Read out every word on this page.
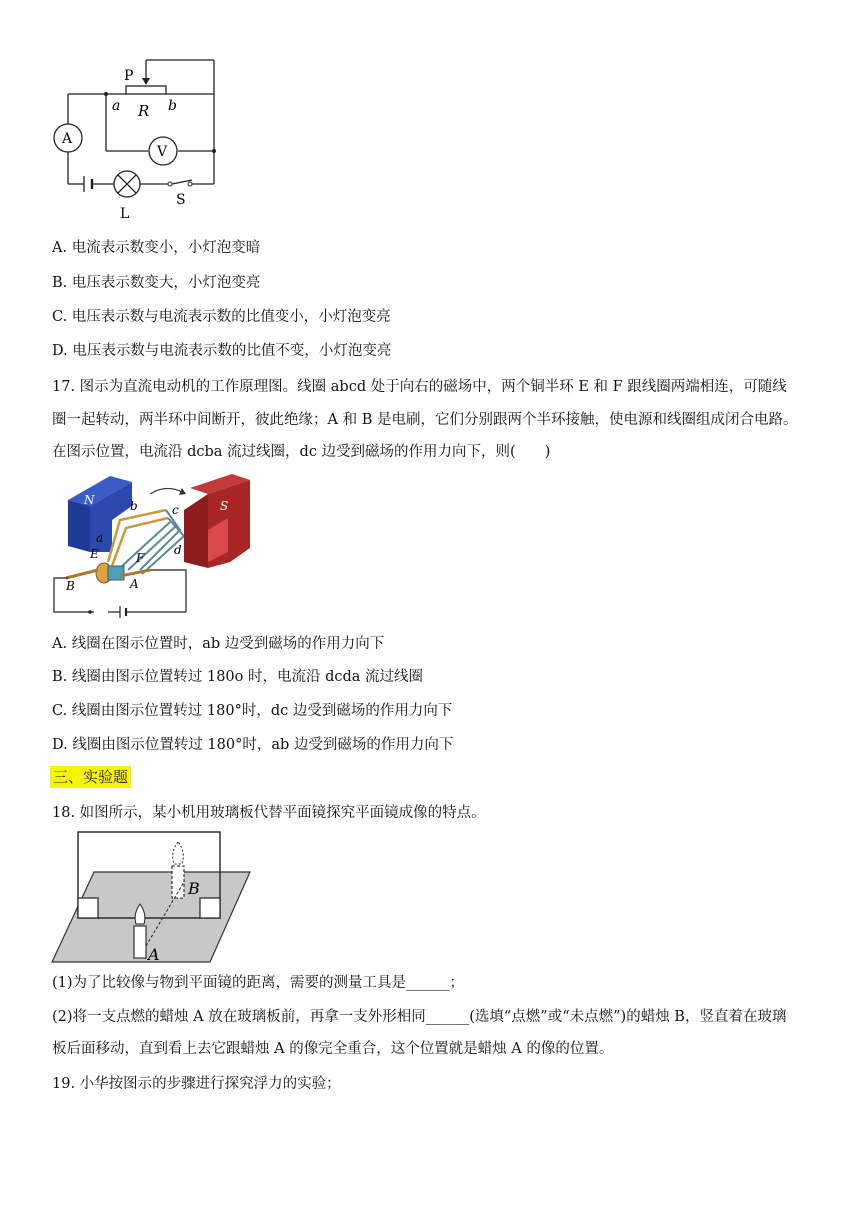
P
a R b
A
V
L
S
A. 电流表示数变小，小灯泡变暗
B. 电压表示数变大，小灯泡变亮
C. 电压表示数与电流表示数的比值变小，小灯泡变亮
D. 电压表示数与电流表示数的比值不变，小灯泡变亮
17. 图示为直流电动机的工作原理图。线圈 abcd 处于向右的磁场中，两个铜半环 E 和 F 跟线圈两端相连，可随线
圈一起转动，两半环中间断开，彼此绝缘；A 和 B 是电刷，它们分别跟两个半环接触，使电源和线圈组成闭合电路。
在图示位置，电流沿 dcba 流过线圈，dc 边受到磁场的作用力向下，则(　　)
N
a
b	c
d
E	F
B	A
S
A. 线圈在图示位置时，ab 边受到磁场的作用力向下
B. 线圈由图示位置转过 180o 时，电流沿 dcda 流过线圈
C. 线圈由图示位置转过 180°时，dc 边受到磁场的作用力向下
D. 线圈由图示位置转过 180°时，ab 边受到磁场的作用力向下
三、实验题
18. 如图所示，某小机用玻璃板代替平面镜探究平面镜成像的特点。
B
A
(1)为了比较像与物到平面镜的距离，需要的测量工具是______；
(2)将一支点燃的蜡烛 A 放在玻璃板前，再拿一支外形相同______(选填“点燃”或“未点燃”)的蜡烛 B，竖直着在玻璃
板后面移动，直到看上去它跟蜡烛 A 的像完全重合，这个位置就是蜡烛 A 的像的位置。
19. 小华按图示的步骤进行探究浮力的实验；
